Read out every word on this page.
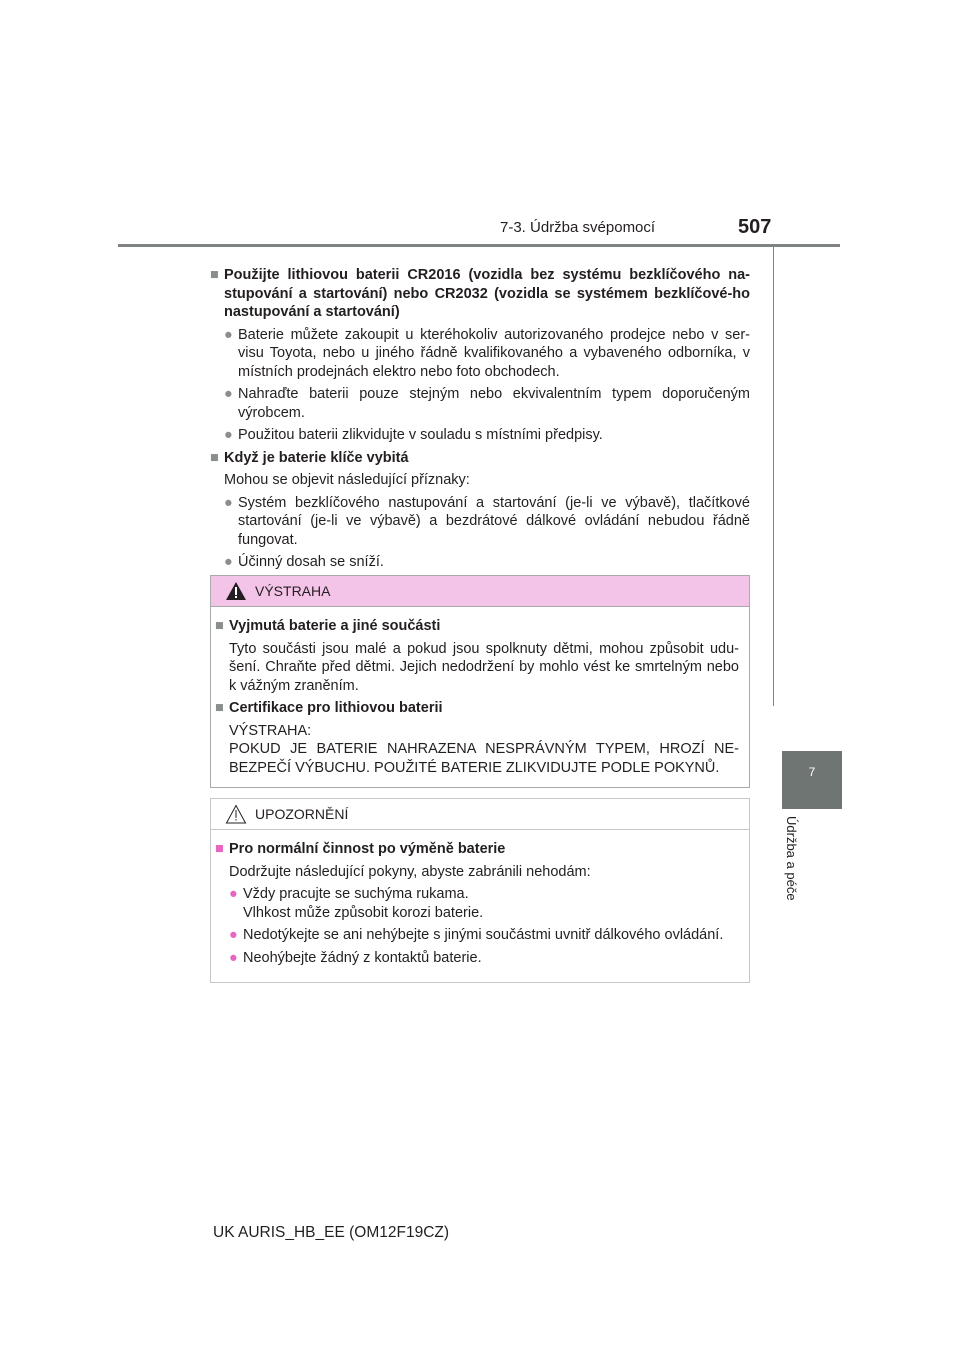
7-3. Údržba svépomocí	507
7
Údržba a péče
■ Použijte lithiovou baterii CR2016 (vozidla bez systému bezklíčového na-stupování a startování) nebo CR2032 (vozidla se systémem bezklíčové-ho nastupování a startování)
● Baterie můžete zakoupit u kteréhokoliv autorizovaného prodejce nebo v ser-visu Toyota, nebo u jiného řádně kvalifikovaného a vybaveného odborníka, v místních prodejnách elektro nebo foto obchodech.
● Nahraďte baterii pouze stejným nebo ekvivalentním typem doporučeným výrobcem.
● Použitou baterii zlikvidujte v souladu s místními předpisy.
■ Když je baterie klíče vybitá
Mohou se objevit následující příznaky:
● Systém bezklíčového nastupování a startování (je-li ve výbavě), tlačítkové startování (je-li ve výbavě) a bezdrátové dálkové ovládání nebudou řádně fungovat.
● Účinný dosah se sníží.
VÝSTRAHA
■ Vyjmutá baterie a jiné součásti
Tyto součásti jsou malé a pokud jsou spolknuty dětmi, mohou způsobit udu-šení. Chraňte před dětmi. Jejich nedodržení by mohlo vést ke smrtelným nebo k vážným zraněním.
■ Certifikace pro lithiovou baterii
VÝSTRAHA:
POKUD JE BATERIE NAHRAZENA NESPRÁVNÝM TYPEM, HROZÍ NE-BEZPEČÍ VÝBUCHU. POUŽITÉ BATERIE ZLIKVIDUJTE PODLE POKYNŮ.
UPOZORNĚNÍ
■ Pro normální činnost po výměně baterie
Dodržujte následující pokyny, abyste zabránili nehodám:
● Vždy pracujte se suchýma rukama.
Vlhkost může způsobit korozi baterie.
● Nedotýkejte se ani nehýbejte s jinými součástmi uvnitř dálkového ovládání.
● Neohýbejte žádný z kontaktů baterie.
UK AURIS_HB_EE (OM12F19CZ)
